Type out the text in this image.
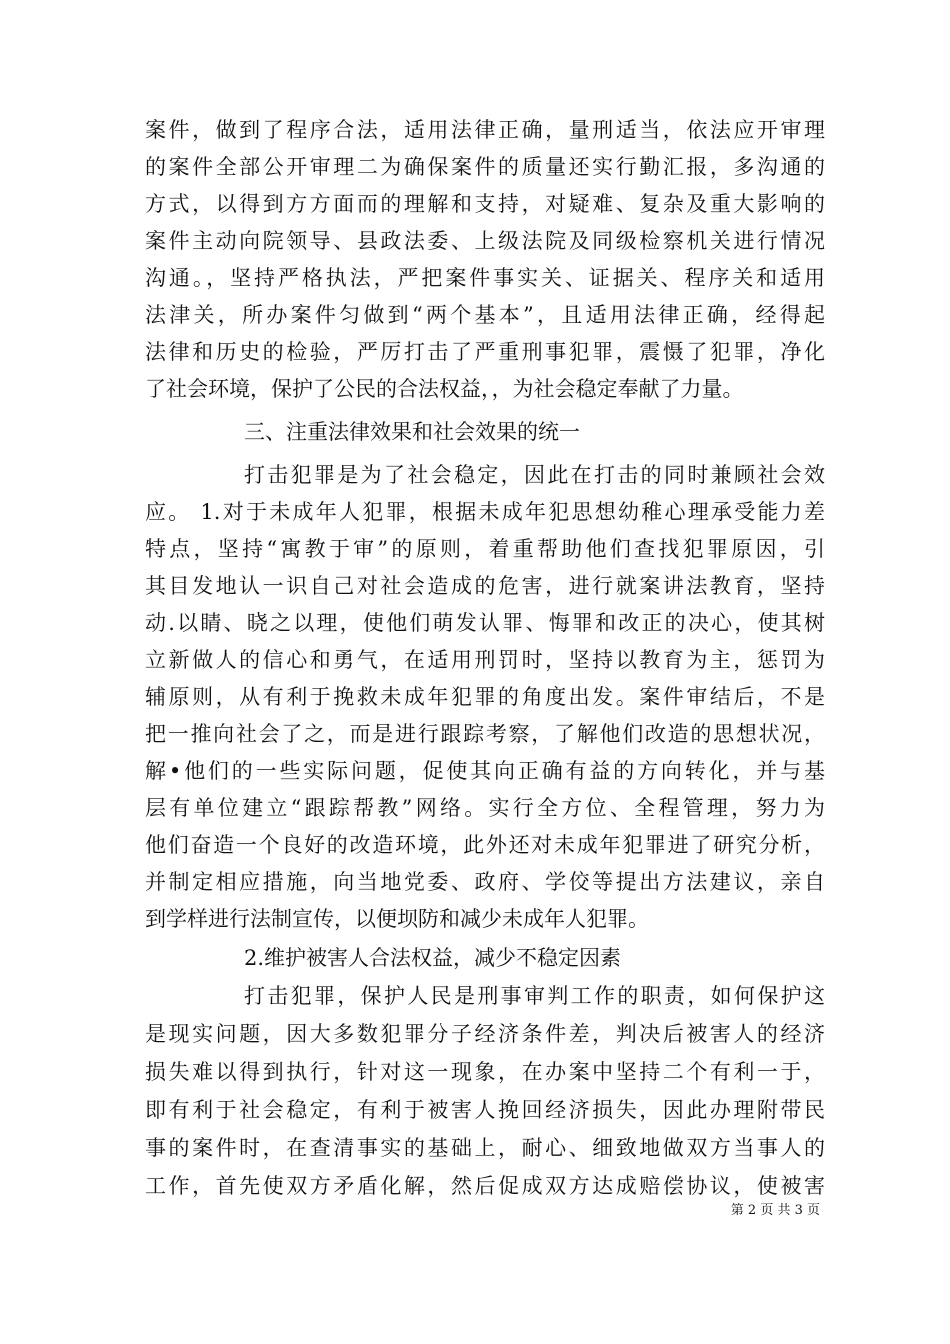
案件，做到了程序合法，适用法律正确，量刑适当，依法应开审理
的案件全部公开审理二为确保案件的质量还实行勤汇报，多沟通的
方式，以得到方方面而的理解和支持，对疑难、复杂及重大影响的
案件主动向院领导、县政法委、上级法院及同级检察机关进行情况
沟通。，坚持严格执法，严把案件事实关、证据关、程序关和适用
法津关，所办案件匀做到“两个基本”，且适用法律正确，经得起
法律和历史的检验，严厉打击了严重刑事犯罪，震慑了犯罪，净化
了社会环境，保护了公民的合法权益，，为社会稳定奉献了力量。
三、注重法律效果和社会效果的统一
打击犯罪是为了社会稳定，因此在打击的同时兼顾社会效
应。 1.对于未成年人犯罪，根据未成年犯思想幼稚心理承受能力差
特点，坚持“寓教于审”的原则，着重帮助他们查找犯罪原因，引
其目发地认一识自己对社会造成的危害，进行就案讲法教育，坚持
动.以睛、晓之以理，使他们萌发认罪、悔罪和改正的决心，使其树
立新做人的信心和勇气，在适用刑罚时，坚持以教育为主，惩罚为
辅原则，从有利于挽救未成年犯罪的角度出发。案件审结后，不是
把一推向社会了之，而是进行跟踪考察，了解他们改造的思想状况，
解•他们的一些实际问题，促使其向正确有益的方向转化，并与基
层有单位建立“跟踪帮教”网络。实行全方位、全程管理，努力为
他们奋造一个良好的改造环境，此外还对未成年犯罪进了研究分析，
并制定相应措施，向当地党委、政府、学佼等提出方法建议，亲自
到学样进行法制宣传，以便坝防和减少未成年人犯罪。
2.维护被害人合法权益，减少不稳定因素
打击犯罪，保护人民是刑事审判工作的职责，如何保护这
是现实问题，因大多数犯罪分子经济条件差，判决后被害人的经济
损失难以得到执行，针对这一现象，在办案中坚持二个有利一于，
即有利于社会稳定，有利于被害人挽回经济损失，因此办理附带民
事的案件时，在查清事实的基础上，耐心、细致地做双方当事人的
工作，首先使双方矛盾化解，然后促成双方达成赔偿协议，使被害
第 2 页 共 3 页
